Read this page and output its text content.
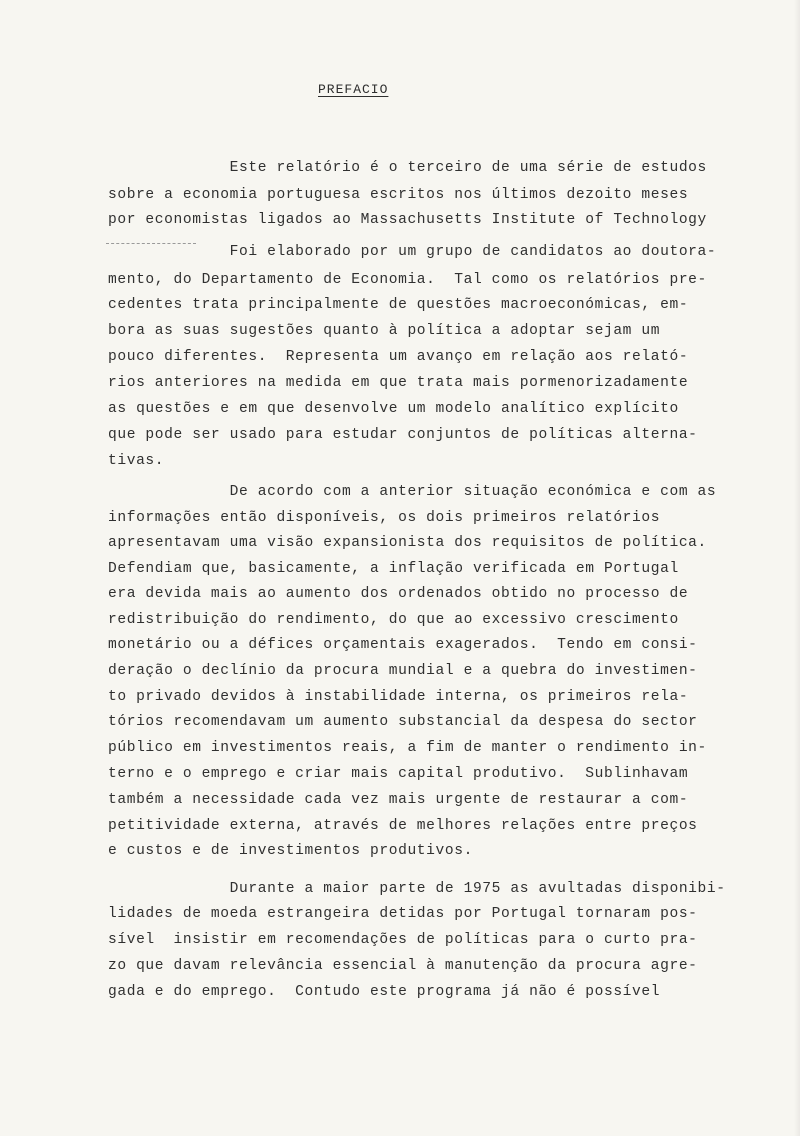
PREFACIO
Este relatório é o terceiro de uma série de estudos
sobre a economia portuguesa escritos nos últimos dezoito meses
por economistas ligados ao Massachusetts Institute of Technology
Foi elaborado por um grupo de candidatos ao doutora-
mento, do Departamento de Economia.  Tal como os relatórios pre-
cedentes trata principalmente de questões macroeconómicas, em-
bora as suas sugestões quanto à política a adoptar sejam um
pouco diferentes.  Representa um avanço em relação aos relató-
rios anteriores na medida em que trata mais pormenorizadamente
as questões e em que desenvolve um modelo analítico explícito
que pode ser usado para estudar conjuntos de políticas alterna-
tivas.
De acordo com a anterior situação económica e com as
informações então disponíveis, os dois primeiros relatórios
apresentavam uma visão expansionista dos requisitos de política.
Defendiam que, basicamente, a inflação verificada em Portugal
era devida mais ao aumento dos ordenados obtido no processo de
redistribuição do rendimento, do que ao excessivo crescimento
monetário ou a défices orçamentais exagerados.  Tendo em consi-
deração o declínio da procura mundial e a quebra do investimen-
to privado devidos à instabilidade interna, os primeiros rela-
tórios recomendavam um aumento substancial da despesa do sector
público em investimentos reais, a fim de manter o rendimento in-
terno e o emprego e criar mais capital produtivo.  Sublinhavam
também a necessidade cada vez mais urgente de restaurar a com-
petitividade externa, através de melhores relações entre preços
e custos e de investimentos produtivos.
Durante a maior parte de 1975 as avultadas disponibi-
lidades de moeda estrangeira detidas por Portugal tornaram pos-
sível  insistir em recomendações de políticas para o curto pra-
zo que davam relevância essencial à manutenção da procura agre-
gada e do emprego.  Contudo este programa já não é possível
